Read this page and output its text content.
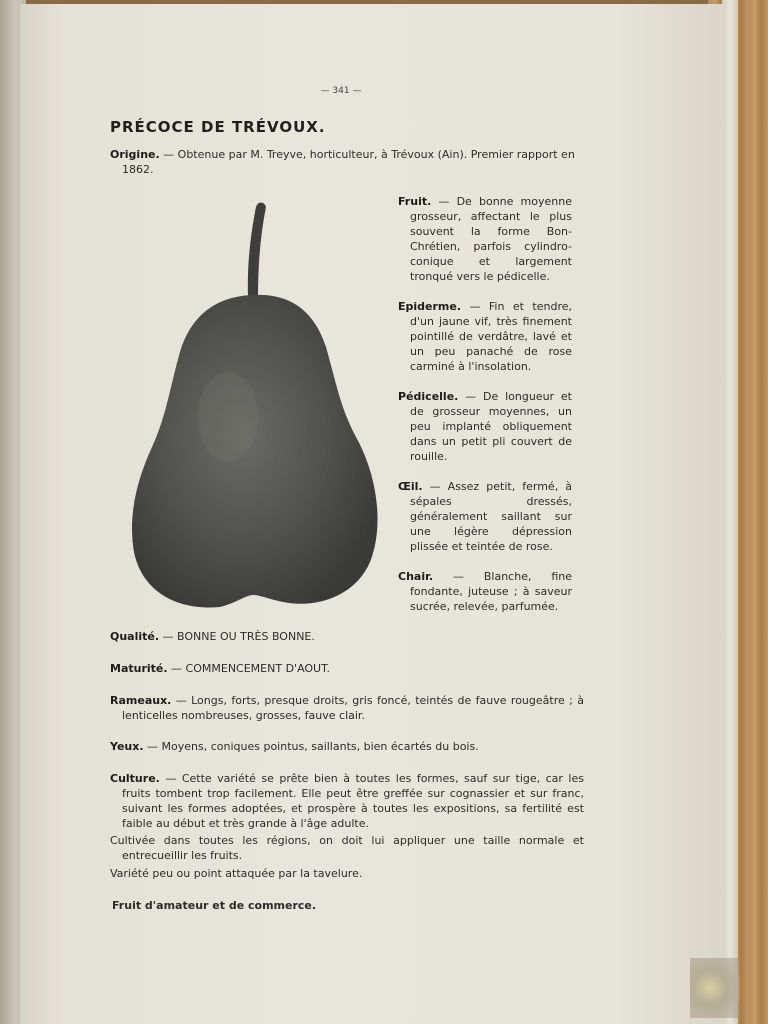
— 341 —
PRÉCOCE DE TRÉVOUX.
Origine. — Obtenue par M. Treyve, horticulteur, à Trévoux (Ain). Premier rapport en 1862.
Fruit. — De bonne moyenne grosseur, affectant le plus souvent la forme Bon-Chrétien, parfois cylindro-conique et largement tronqué vers le pédicelle.
Epiderme. — Fin et tendre, d'un jaune vif, très finement pointillé de verdâtre, lavé et un peu panaché de rose carminé à l'insolation.
Pédicelle. — De longueur et de grosseur moyennes, un peu implanté obliquement dans un petit pli couvert de rouille.
Œil. — Assez petit, fermé, à sépales dressés, généralement saillant sur une légère dépression plissée et teintée de rose.
Chair. — Blanche, fine fondante, juteuse ; à saveur sucrée, relevée, parfumée.
Qualité. — BONNE OU TRÈS BONNE.
Maturité. — COMMENCEMENT D'AOUT.
Rameaux. — Longs, forts, presque droits, gris foncé, teintés de fauve rougeâtre ; à lenticelles nombreuses, grosses, fauve clair.
Yeux. — Moyens, coniques pointus, saillants, bien écartés du bois.
Culture. — Cette variété se prête bien à toutes les formes, sauf sur tige, car les fruits tombent trop facilement. Elle peut être greffée sur cognassier et sur franc, suivant les formes adoptées, et prospère à toutes les expositions, sa fertilité est faible au début et très grande à l'âge adulte.
Cultivée dans toutes les régions, on doit lui appliquer une taille normale et entrecueillir les fruits.
Variété peu ou point attaquée par la tavelure.
Fruit d'amateur et de commerce.
